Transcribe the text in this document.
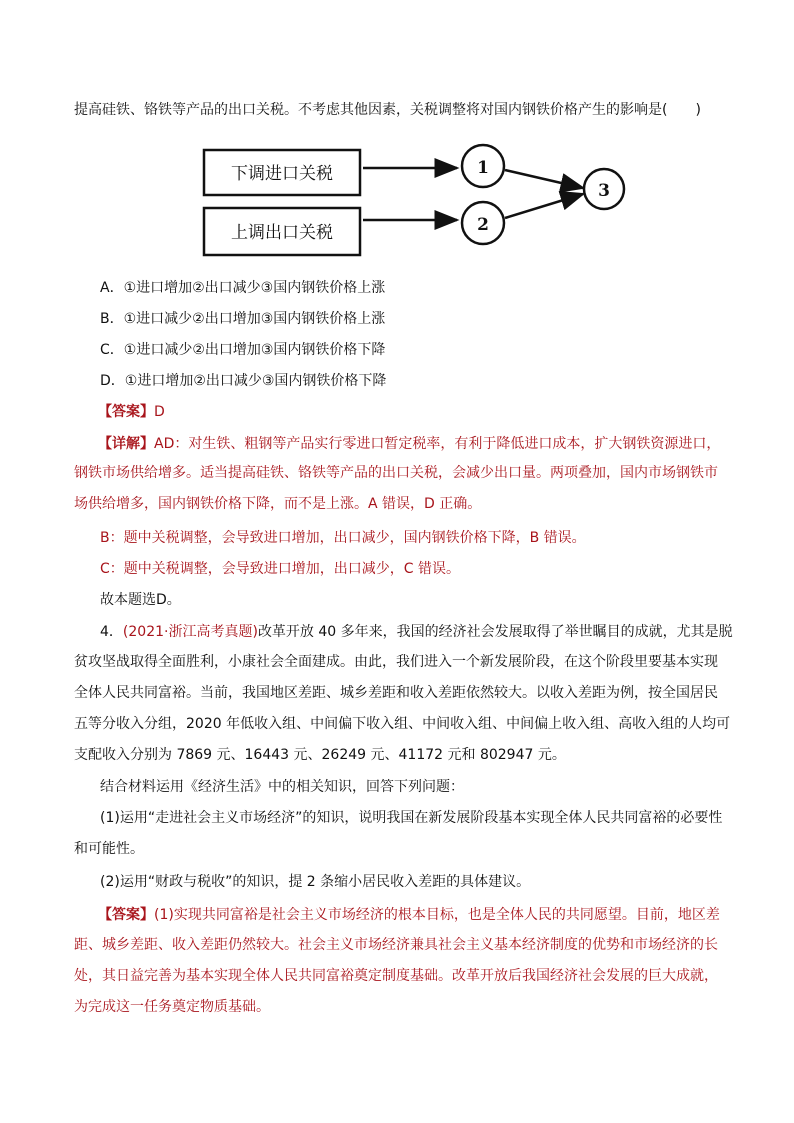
提高硅铁、铬铁等产品的出口关税。不考虑其他因素，关税调整将对国内钢铁价格产生的影响是(　　)
下调进口关税
上调出口关税
1
2
3
A．①进口增加②出口减少③国内钢铁价格上涨
B．①进口减少②出口增加③国内钢铁价格上涨
C．①进口减少②出口增加③国内钢铁价格下降
D．①进口增加②出口减少③国内钢铁价格下降
【答案】D
【详解】AD：对生铁、粗钢等产品实行零进口暂定税率，有利于降低进口成本，扩大钢铁资源进口，
钢铁市场供给增多。适当提高硅铁、铬铁等产品的出口关税，会减少出口量。两项叠加，国内市场钢铁市
场供给增多，国内钢铁价格下降，而不是上涨。A 错误，D 正确。
B：题中关税调整，会导致进口增加，出口减少，国内钢铁价格下降，B 错误。
C：题中关税调整，会导致进口增加，出口减少，C 错误。
故本题选D。
4．(2021·浙江高考真题)改革开放 40 多年来，我国的经济社会发展取得了举世瞩目的成就，尤其是脱
贫攻坚战取得全面胜利，小康社会全面建成。由此，我们进入一个新发展阶段，在这个阶段里要基本实现
全体人民共同富裕。当前，我国地区差距、城乡差距和收入差距依然较大。以收入差距为例，按全国居民
五等分收入分组，2020 年低收入组、中间偏下收入组、中间收入组、中间偏上收入组、高收入组的人均可
支配收入分别为 7869 元、16443 元、26249 元、41172 元和 802947 元。
结合材料运用《经济生活》中的相关知识，回答下列问题：
(1)运用“走进社会主义市场经济”的知识，说明我国在新发展阶段基本实现全体人民共同富裕的必要性
和可能性。
(2)运用“财政与税收”的知识，提 2 条缩小居民收入差距的具体建议。
【答案】(1)实现共同富裕是社会主义市场经济的根本目标，也是全体人民的共同愿望。目前，地区差
距、城乡差距、收入差距仍然较大。社会主义市场经济兼具社会主义基本经济制度的优势和市场经济的长
处，其日益完善为基本实现全体人民共同富裕奠定制度基础。改革开放后我国经济社会发展的巨大成就，
为完成这一任务奠定物质基础。
